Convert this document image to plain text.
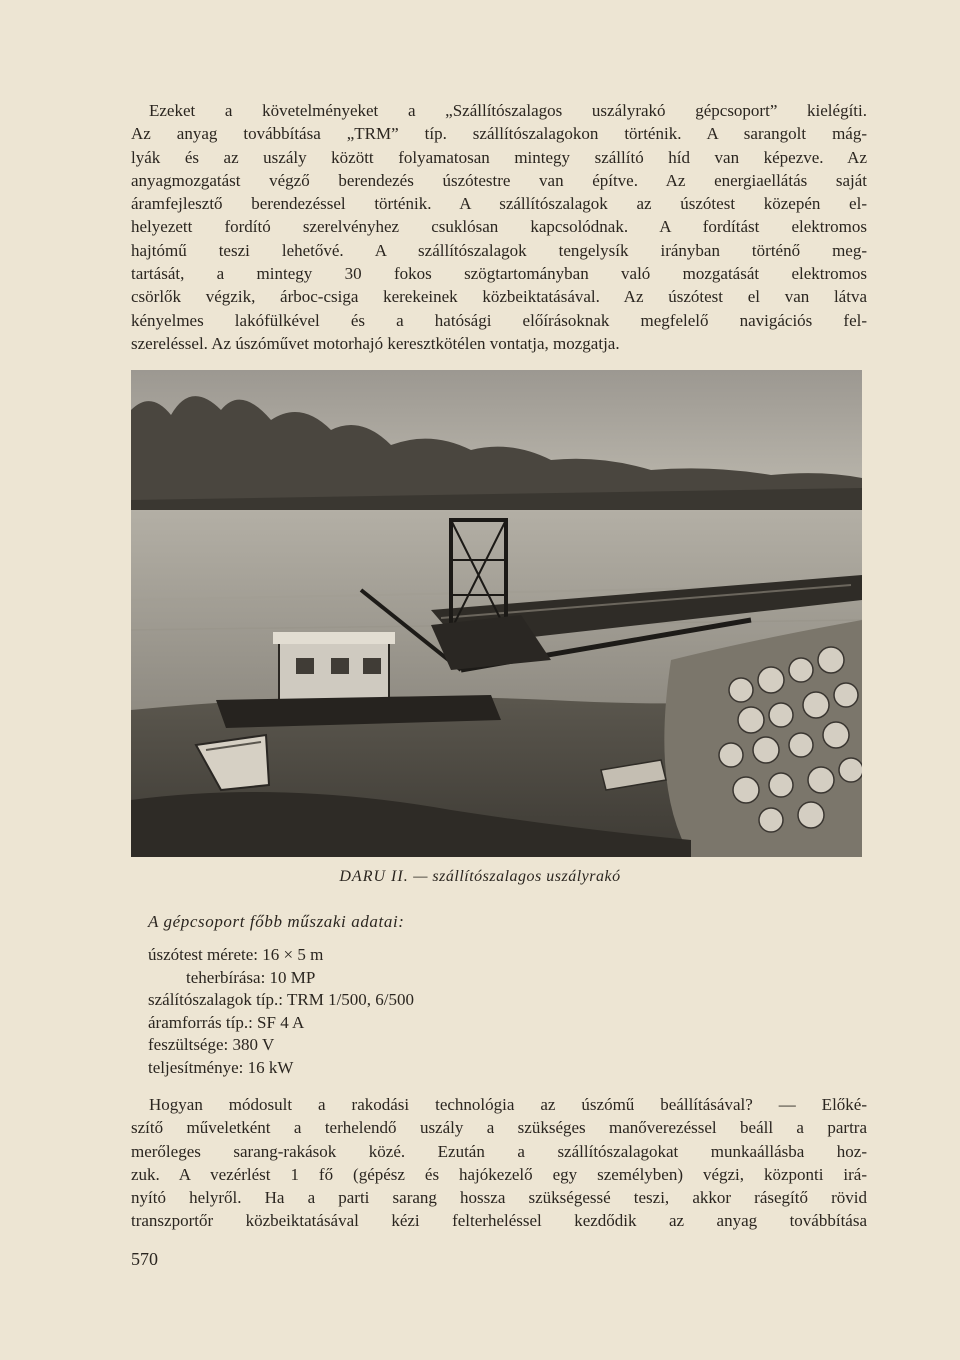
Ezeket a követelményeket a „Szállítószalagos uszályrakó gépcsoport” kielégíti.
Az anyag továbbítása „TRM” típ. szállítószalagokon történik. A sarangolt mág-
lyák és az uszály között folyamatosan mintegy szállító híd van képezve. Az
anyagmozgatást végző berendezés úszótestre van építve. Az energiaellátás saját
áramfejlesztő berendezéssel történik. A szállítószalagok az úszótest közepén el-
helyezett fordító szerelvényhez csuklósan kapcsolódnak. A fordítást elektromos
hajtómű teszi lehetővé. A szállítószalagok tengelysík irányban történő meg-
tartását, a mintegy 30 fokos szögtartományban való mozgatását elektromos
csörlők végzik, árboc-csiga kerekeinek közbeiktatásával. Az úszótest el van látva
kényelmes lakófülkével és a hatósági előírásoknak megfelelő navigációs fel-
szereléssel. Az úszóművet motorhajó keresztkötélen vontatja, mozgatja.
DARU II. — szállítószalagos uszályrakó
A gépcsoport főbb műszaki adatai:
úszótest mérete: 16 × 5 m
teherbírása: 10 MP
szálítószalagok típ.: TRM 1/500, 6/500
áramforrás típ.: SF 4 A
feszültsége: 380 V
teljesítménye: 16 kW
Hogyan módosult a rakodási technológia az úszómű beállításával? — Előké-
szítő műveletként a terhelendő uszály a szükséges manőverezéssel beáll a partra
merőleges sarang-rakások közé. Ezután a szállítószalagokat munkaállásba hoz-
zuk. A vezérlést 1 fő (gépész és hajókezelő egy személyben) végzi, központi irá-
nyító helyről. Ha a parti sarang hossza szükségessé teszi, akkor rásegítő rövid
transzportőr közbeiktatásával kézi felterheléssel kezdődik az anyag továbbítása
570
